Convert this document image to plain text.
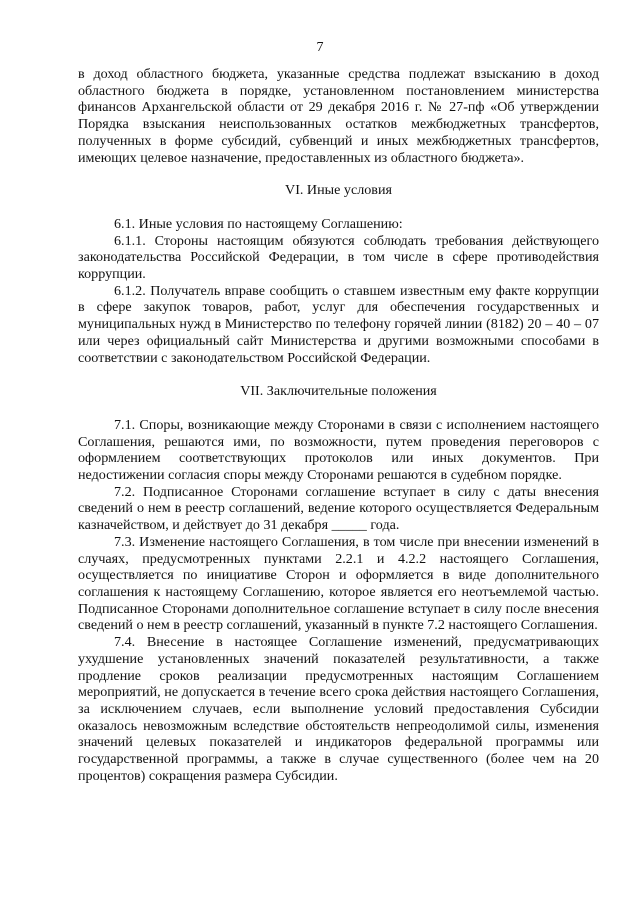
7

в доход областного бюджета, указанные средства подлежат взысканию в доход областного бюджета в порядке, установленном постановлением министерства финансов Архангельской области от 29 декабря 2016 г. № 27-пф «Об утверждении Порядка взыскания неиспользованных остатков межбюджетных трансфертов, полученных в форме субсидий, субвенций и иных межбюджетных трансфертов, имеющих целевое назначение, предоставленных из областного бюджета».

VI. Иные условия

6.1. Иные условия по настоящему Соглашению:

6.1.1. Стороны настоящим обязуются соблюдать требования действующего законодательства Российской Федерации, в том числе в сфере противодействия коррупции.

6.1.2. Получатель вправе сообщить о ставшем известным ему факте коррупции в сфере закупок товаров, работ, услуг для обеспечения государственных и муниципальных нужд в Министерство по телефону горячей линии (8182) 20 – 40 – 07 или через официальный сайт Министерства и другими возможными способами в соответствии с законодательством Российской Федерации.

VII. Заключительные положения

7.1. Споры, возникающие между Сторонами в связи с исполнением настоящего Соглашения, решаются ими, по возможности, путем проведения переговоров с оформлением соответствующих протоколов или иных документов. При недостижении согласия споры между Сторонами решаются в судебном порядке.

7.2. Подписанное Сторонами соглашение вступает в силу с даты внесения сведений о нем в реестр соглашений, ведение которого осуществляется Федеральным казначейством, и действует до 31 декабря _____ года.

7.3. Изменение настоящего Соглашения, в том числе при внесении изменений в случаях, предусмотренных пунктами 2.2.1 и 4.2.2 настоящего Соглашения, осуществляется по инициативе Сторон и оформляется в виде дополнительного соглашения к настоящему Соглашению, которое является его неотъемлемой частью. Подписанное Сторонами дополнительное соглашение вступает в силу после внесения сведений о нем в реестр соглашений, указанный в пункте 7.2 настоящего Соглашения.

7.4. Внесение в настоящее Соглашение изменений, предусматривающих ухудшение установленных значений показателей результативности, а также продление сроков реализации предусмотренных настоящим Соглашением мероприятий, не допускается в течение всего срока действия настоящего Соглашения, за исключением случаев, если выполнение условий предоставления Субсидии оказалось невозможным вследствие обстоятельств непреодолимой силы, изменения значений целевых показателей и индикаторов федеральной программы или государственной программы, а также в случае существенного (более чем на 20 процентов) сокращения размера Субсидии.
